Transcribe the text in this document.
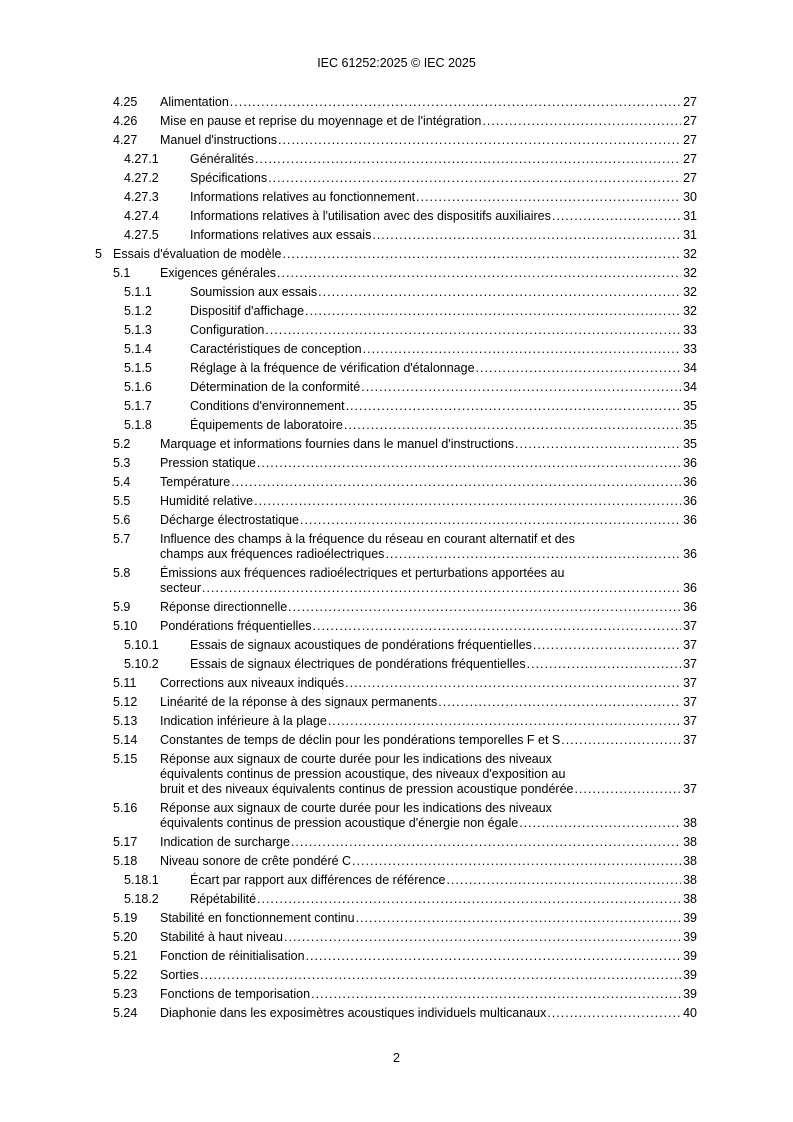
IEC 61252:2025 © IEC 2025
4.25 Alimentation .....	27
4.26 Mise en pause et reprise du moyennage et de l'intégration .....	27
4.27 Manuel d'instructions .....	27
4.27.1 Généralités .....	27
4.27.2 Spécifications .....	27
4.27.3 Informations relatives au fonctionnement .....	30
4.27.4 Informations relatives à l'utilisation avec des dispositifs auxiliaires .....	31
4.27.5 Informations relatives aux essais .....	31
5 Essais d'évaluation de modèle .....	32
5.1 Exigences générales .....	32
5.1.1	Soumission aux essais .....	32
5.1.2	Dispositif d'affichage .....	32
5.1.3	Configuration .....	33
5.1.4	Caractéristiques de conception .....	33
5.1.5	Réglage à la fréquence de vérification d'étalonnage .....	34
5.1.6	Détermination de la conformité .....	34
5.1.7	Conditions d'environnement .....	35
5.1.8	Équipements de laboratoire .....	35
5.2 Marquage et informations fournies dans le manuel d'instructions .....	35
5.3 Pression statique .....	36
5.4 Température .....	36
5.5 Humidité relative .....	36
5.6 Décharge électrostatique .....	36
5.7 Influence des champs à la fréquence du réseau en courant alternatif et des
champs aux fréquences radioélectriques .....	36
5.8 Émissions aux fréquences radioélectriques et perturbations apportées au
secteur .....	36
5.9 Réponse directionnelle .....	36
5.10 Pondérations fréquentielles .....	37
5.10.1 Essais de signaux acoustiques de pondérations fréquentielles .....	37
5.10.2 Essais de signaux électriques de pondérations fréquentielles .....	37
5.11 Corrections aux niveaux indiqués .....	37
5.12 Linéarité de la réponse à des signaux permanents .....	37
5.13 Indication inférieure à la plage .....	37
5.14 Constantes de temps de déclin pour les pondérations temporelles F et S .....	37
5.15 Réponse aux signaux de courte durée pour les indications des niveaux
équivalents continus de pression acoustique, des niveaux d'exposition au
bruit et des niveaux équivalents continus de pression acoustique pondérée .....	37
5.16 Réponse aux signaux de courte durée pour les indications des niveaux
équivalents continus de pression acoustique d'énergie non égale .....	38
5.17 Indication de surcharge .....	38
5.18 Niveau sonore de crête pondéré C .....	38
5.18.1 Écart par rapport aux différences de référence .....	38
5.18.2 Répétabilité .....	38
5.19 Stabilité en fonctionnement continu .....	39
5.20 Stabilité à haut niveau .....	39
5.21 Fonction de réinitialisation .....	39
5.22 Sorties .....	39
5.23 Fonctions de temporisation .....	39
5.24 Diaphonie dans les exposimètres acoustiques individuels multicanaux .....	40
2
